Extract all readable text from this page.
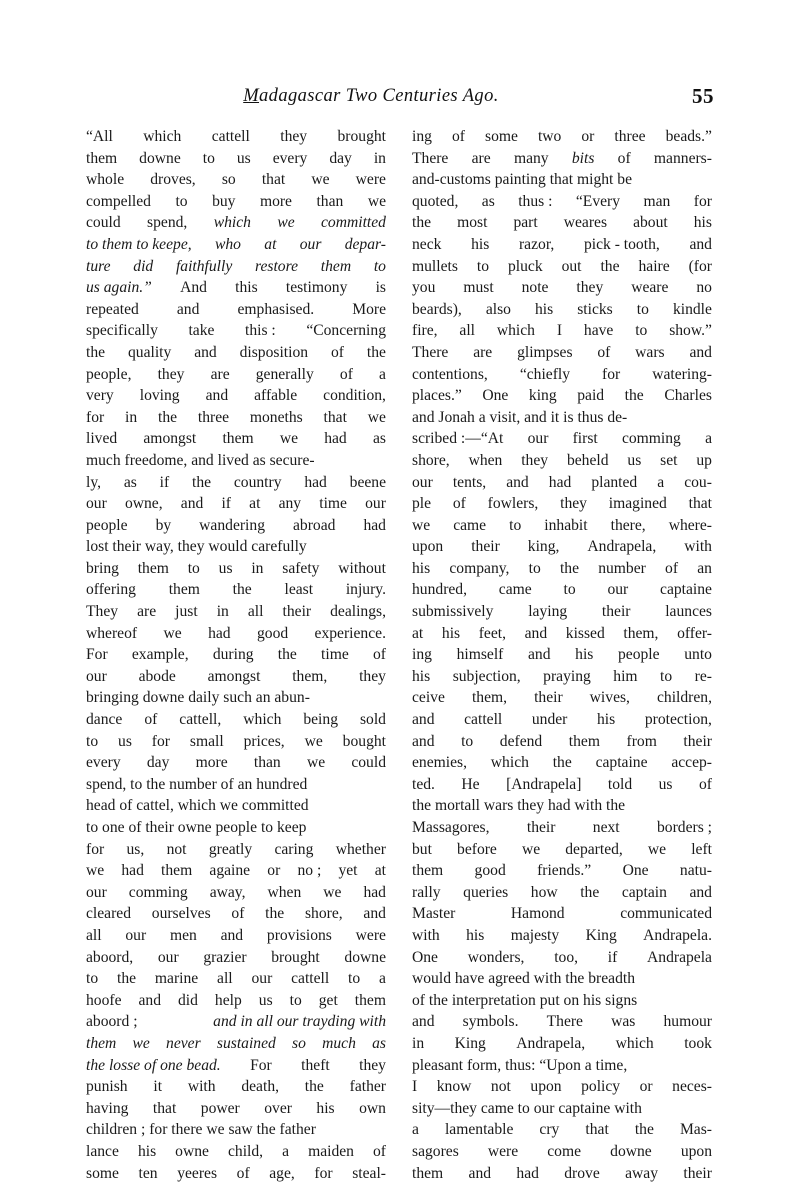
Madagascar Two Centuries Ago.	55
“All which cattell they brought
them downe to us every day in
whole droves, so that we were
compelled to buy more than we
could spend, which we committed
to them to keepe, who at our depar-
ture did faithfully restore them to
us again.” And this testimony is
repeated and emphasised. More
specifically take this : “Concerning
the quality and disposition of the
people, they are generally of a
very loving and affable condition,
for in the three moneths that we
lived amongst them we had as
much freedome, and lived as secure-
ly, as if the country had beene
our owne, and if at any time our
people by wandering abroad had
lost their way, they would carefully
bring them to us in safety without
offering them the least injury.
They are just in all their dealings,
whereof we had good experience.
For example, during the time of
our abode amongst them, they
bringing downe daily such an abun-
dance of cattell, which being sold
to us for small prices, we bought
every day more than we could
spend, to the number of an hundred
head of cattel, which we committed
to one of their owne people to keep
for us, not greatly caring whether
we had them againe or no ; yet at
our comming away, when we had
cleared ourselves of the shore, and
all our men and provisions were
aboord, our grazier brought downe
to the marine all our cattell to a
hoofe and did help us to get them
aboord ;	and in all our trayding with
them we never sustained so much as
the losse of one bead. For theft they
punish it with death, the father
having that power over his own
children ; for there we saw the father
lance his owne child, a maiden of
some ten yeeres of age, for steal-
ing of some two or three beads.”
There are many bits of manners-
and-customs painting that might be
quoted, as thus : “Every man for
the most part weares about his
neck his razor, pick - tooth, and
mullets to pluck out the haire (for
you must note they weare no
beards), also his sticks to kindle
fire, all which I have to show.”
There are glimpses of wars and
contentions, “chiefly for watering-
places.” One king paid the Charles
and Jonah a visit, and it is thus de-
scribed :—“At our first comming a
shore, when they beheld us set up
our tents, and had planted a cou-
ple of fowlers, they imagined that
we came to inhabit there, where-
upon their king, Andrapela, with
his company, to the number of an
hundred, came to our captaine
submissively laying their launces
at his feet, and kissed them, offer-
ing himself and his people unto
his subjection, praying him to re-
ceive them, their wives, children,
and cattell under his protection,
and to defend them from their
enemies, which the captaine accep-
ted. He [Andrapela] told us of
the mortall wars they had with the
Massagores, their next borders ;
but before we departed, we left
them good friends.” One natu-
rally queries how the captain and
Master	Hamond	communicated
with his majesty King Andrapela.
One wonders, too, if Andrapela
would have agreed with the breadth
of the interpretation put on his signs
and symbols. There was humour
in King Andrapela, which took
pleasant form, thus: “Upon a time,
I know not upon policy or neces-
sity—they came to our captaine with
a lamentable cry that the Mas-
sagores were come downe upon
them and had drove away their
